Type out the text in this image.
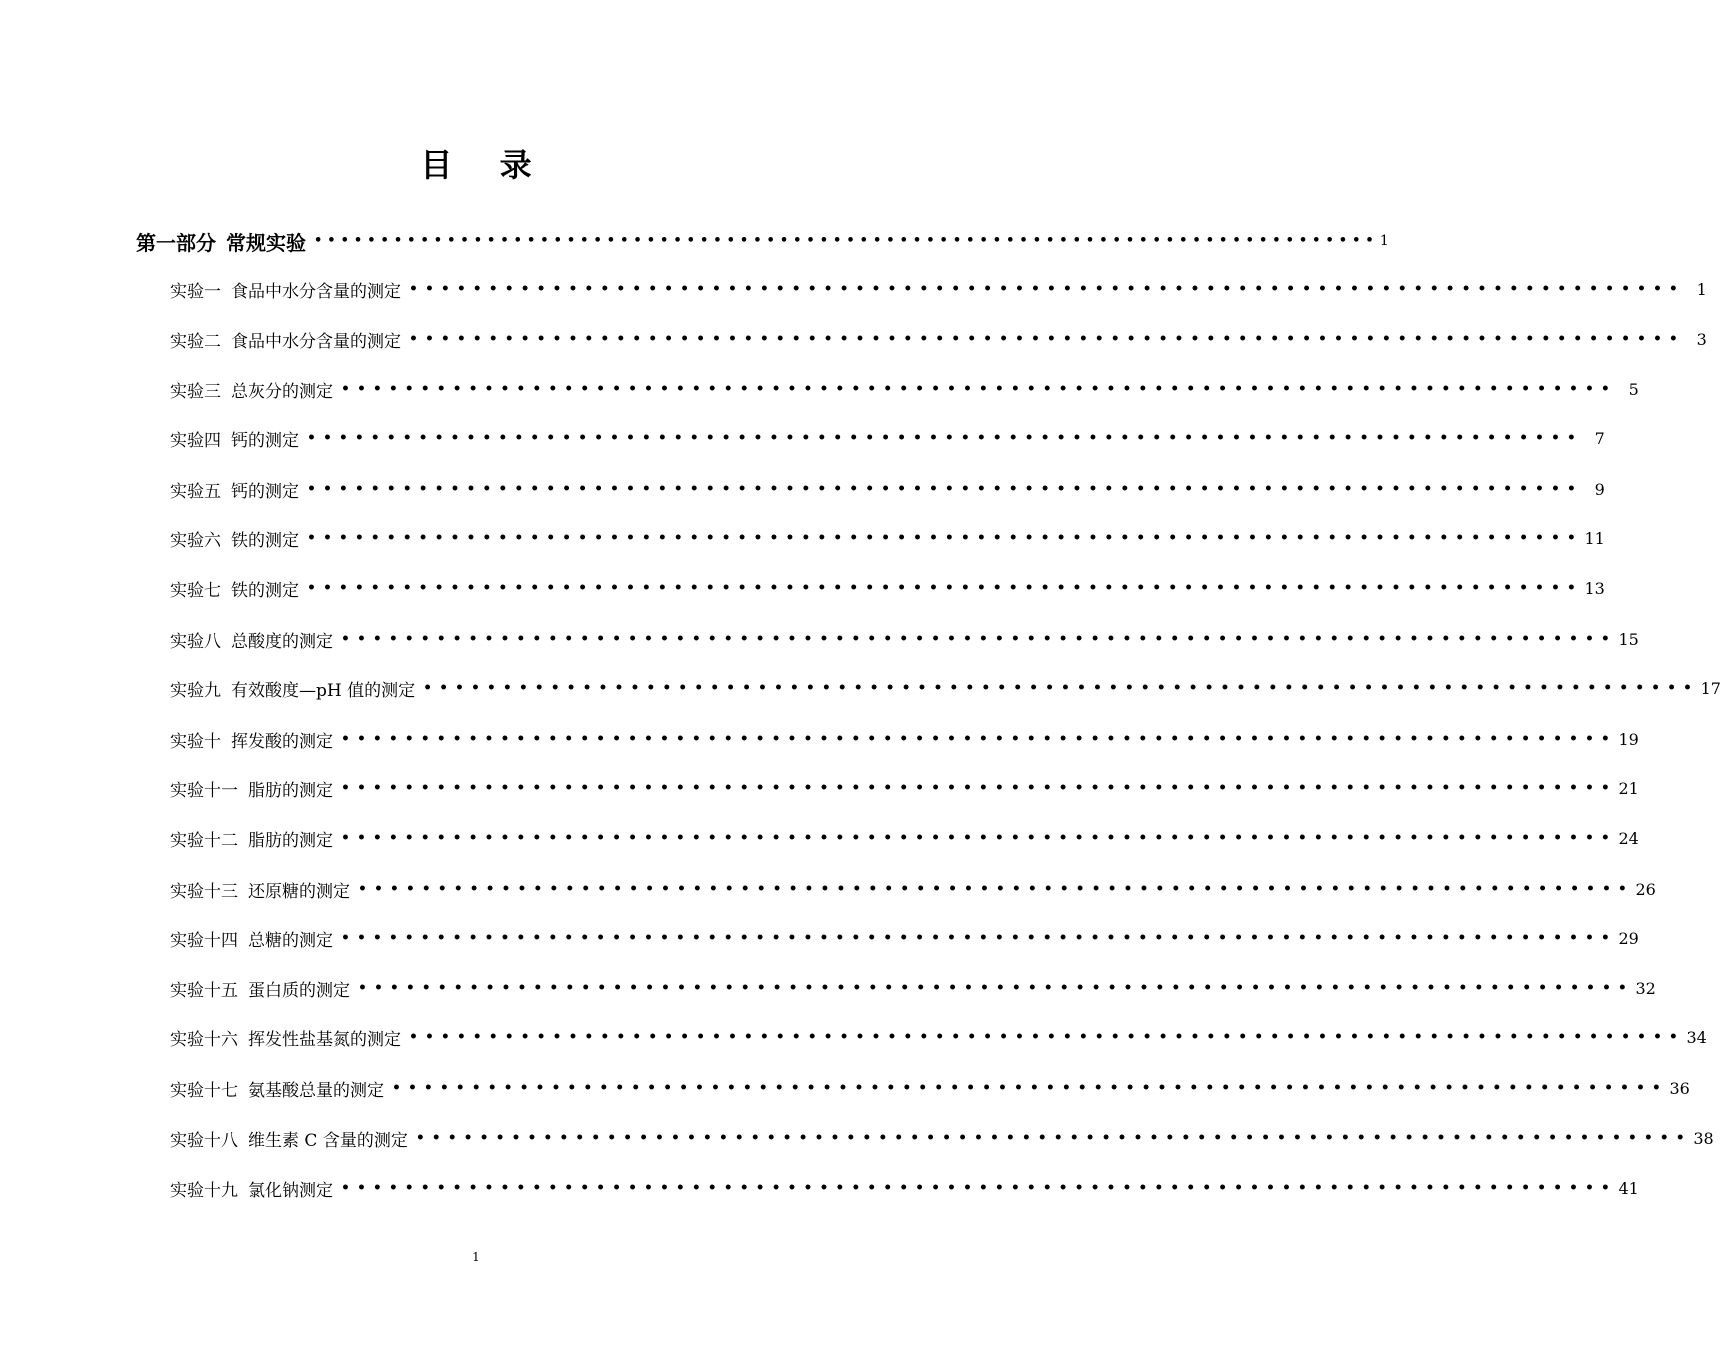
目 录
第一部分 常规实验 •••••••••••••••••••••••••••••••••••••••••••••••••••••••••••••••••••••••••••••••• 1
实验一 食品中水分含量的测定 •••••••••••••••••••••••••••••••••••••••••••••••••••••••••••••••••••••••••••••••• 1
实验二 食品中水分含量的测定 •••••••••••••••••••••••••••••••••••••••••••••••••••••••••••••••••••••••••••••••• 3
实验三 总灰分的测定 •••••••••••••••••••••••••••••••••••••••••••••••••••••••••••••••••••••••••••••••• 5
实验四 钙的测定 •••••••••••••••••••••••••••••••••••••••••••••••••••••••••••••••••••••••••••••••• 7
实验五 钙的测定 •••••••••••••••••••••••••••••••••••••••••••••••••••••••••••••••••••••••••••••••• 9
实验六 铁的测定 •••••••••••••••••••••••••••••••••••••••••••••••••••••••••••••••••••••••••••••••• 11
实验七 铁的测定 •••••••••••••••••••••••••••••••••••••••••••••••••••••••••••••••••••••••••••••••• 13
实验八 总酸度的测定 •••••••••••••••••••••••••••••••••••••••••••••••••••••••••••••••••••••••••••••••• 15
实验九 有效酸度—pH 值的测定 •••••••••••••••••••••••••••••••••••••••••••••••••••••••••••••••••••••••••••••••• 17
实验十 挥发酸的测定 •••••••••••••••••••••••••••••••••••••••••••••••••••••••••••••••••••••••••••••••• 19
实验十一 脂肪的测定 •••••••••••••••••••••••••••••••••••••••••••••••••••••••••••••••••••••••••••••••• 21
实验十二 脂肪的测定 •••••••••••••••••••••••••••••••••••••••••••••••••••••••••••••••••••••••••••••••• 24
实验十三 还原糖的测定 •••••••••••••••••••••••••••••••••••••••••••••••••••••••••••••••••••••••••••••••• 26
实验十四 总糖的测定 •••••••••••••••••••••••••••••••••••••••••••••••••••••••••••••••••••••••••••••••• 29
实验十五 蛋白质的测定 •••••••••••••••••••••••••••••••••••••••••••••••••••••••••••••••••••••••••••••••• 32
实验十六 挥发性盐基氮的测定 •••••••••••••••••••••••••••••••••••••••••••••••••••••••••••••••••••••••••••••••• 34
实验十七 氨基酸总量的测定 •••••••••••••••••••••••••••••••••••••••••••••••••••••••••••••••••••••••••••••••• 36
实验十八 维生素 C 含量的测定 •••••••••••••••••••••••••••••••••••••••••••••••••••••••••••••••••••••••••••••••• 38
实验十九 氯化钠测定 •••••••••••••••••••••••••••••••••••••••••••••••••••••••••••••••••••••••••••••••• 41
1
